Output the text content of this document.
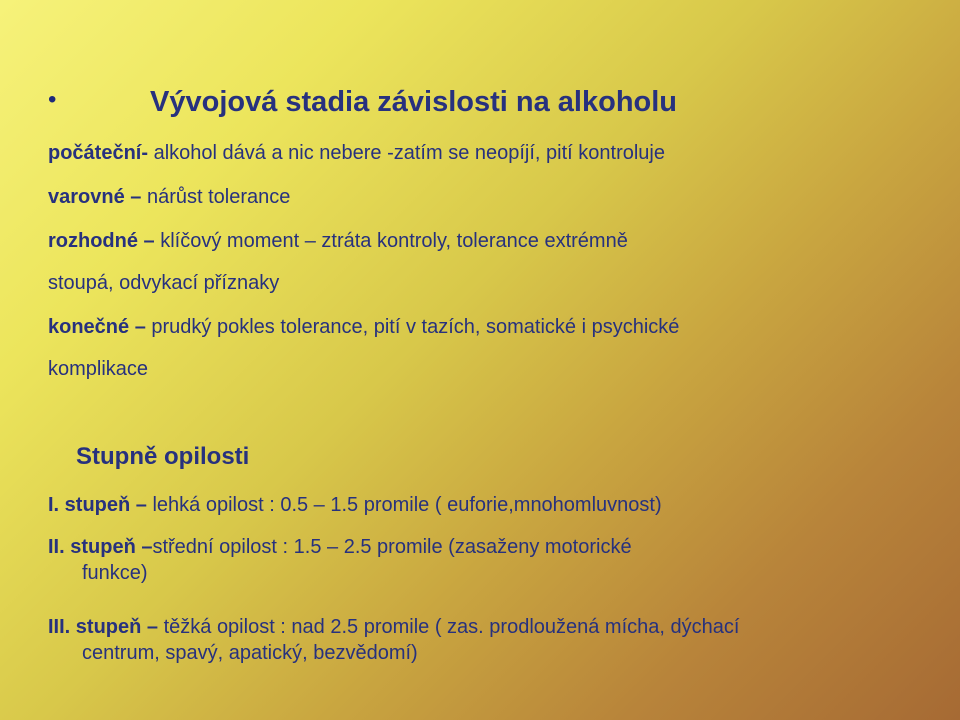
•	Vývojová stadia závislosti na alkoholu
počáteční- alkohol dává a nic nebere -zatím se neopíjí, pití kontroluje
varovné – nárůst tolerance
rozhodné – klíčový moment – ztráta kontroly, tolerance extrémně
stoupá, odvykací příznaky
konečné – prudký pokles tolerance, pití v tazích, somatické i psychické
komplikace
Stupně opilosti
I. stupeň – lehká opilost : 0.5 – 1.5 promile ( euforie,mnohomluvnost)
II. stupeň –střední opilost : 1.5 – 2.5 promile (zasaženy motorické
funkce)
III. stupeň – těžká opilost : nad 2.5 promile ( zas. prodloužená mícha, dýchací
centrum, spavý, apatický, bezvědomí)
